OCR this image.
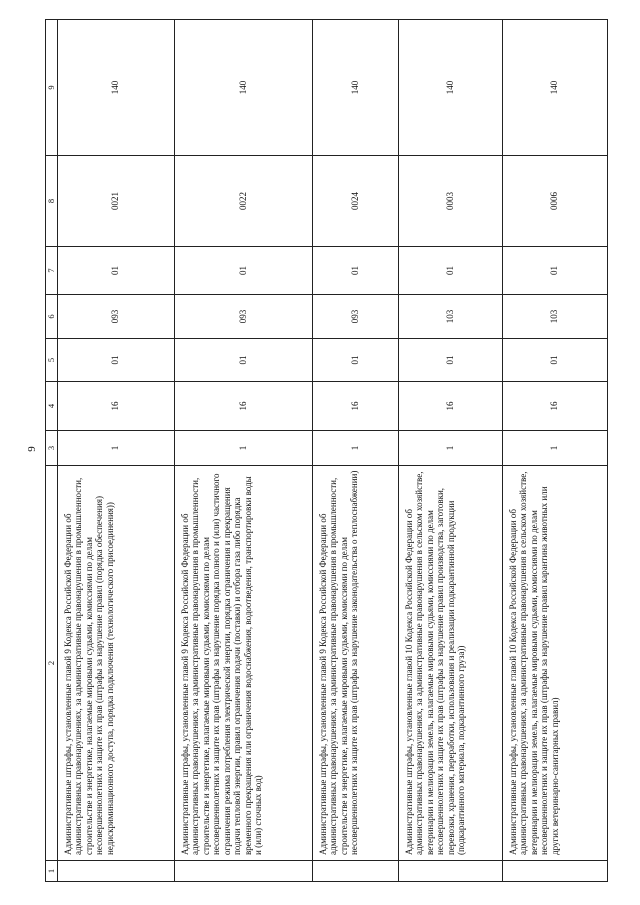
9
1	2	3	4	5	6	7	8	9
	Административные штрафы, установленные главой 9 Кодекса Российской Федерации об административных правонарушениях, за административные правонарушения в промышленности, строительстве и энергетике, налагаемые мировыми судьями, комиссиями по делам несовершеннолетних и защите их прав (штрафы за нарушение правил (порядка обеспечения) недискриминационного доступа, порядка подключения (технологического присоединения))	1	16	01	093	01	0021	140
	Административные штрафы, установленные главой 9 Кодекса Российской Федерации об административных правонарушениях, за административные правонарушения в промышленности, строительстве и энергетике, налагаемые мировыми судьями, комиссиями по делам несовершеннолетних и защите их прав (штрафы за нарушение порядка полного и (или) частичного ограничения режима потребления электрической энергии, порядка ограничения и прекращения подачи тепловой энергии, правил ограничения подачи (поставки) и отбора газа либо порядка временного прекращения или ограничения водоснабжения, водоотведения, транспортировки воды и (или) сточных вод)	1	16	01	093	01	0022	140
	Административные штрафы, установленные главой 9 Кодекса Российской Федерации об административных правонарушениях, за административные правонарушения в промышленности, строительстве и энергетике, налагаемые мировыми судьями, комиссиями по делам несовершеннолетних и защите их прав (штрафы за нарушение законодательства о теплоснабжении)	1	16	01	093	01	0024	140
	Административные штрафы, установленные главой 10 Кодекса Российской Федерации об административных правонарушениях, за административные правонарушения в сельском хозяйстве, ветеринарии и мелиорации земель, налагаемые мировыми судьями, комиссиями по делам несовершеннолетних и защите их прав (штрафы за нарушение правил производства, заготовки, перевозки, хранения, переработки, использования и реализации подкарантинной продукции (подкарантинного материала, подкарантинного груза))	1	16	01	103	01	0003	140
	Административные штрафы, установленные главой 10 Кодекса Российской Федерации об административных правонарушениях, за административные правонарушения в сельском хозяйстве, ветеринарии и мелиорации земель, налагаемые мировыми судьями, комиссиями по делам несовершеннолетних и защите их прав (штрафы за нарушение правил карантина животных или других ветеринарно-санитарных правил)	1	16	01	103	01	0006	140
